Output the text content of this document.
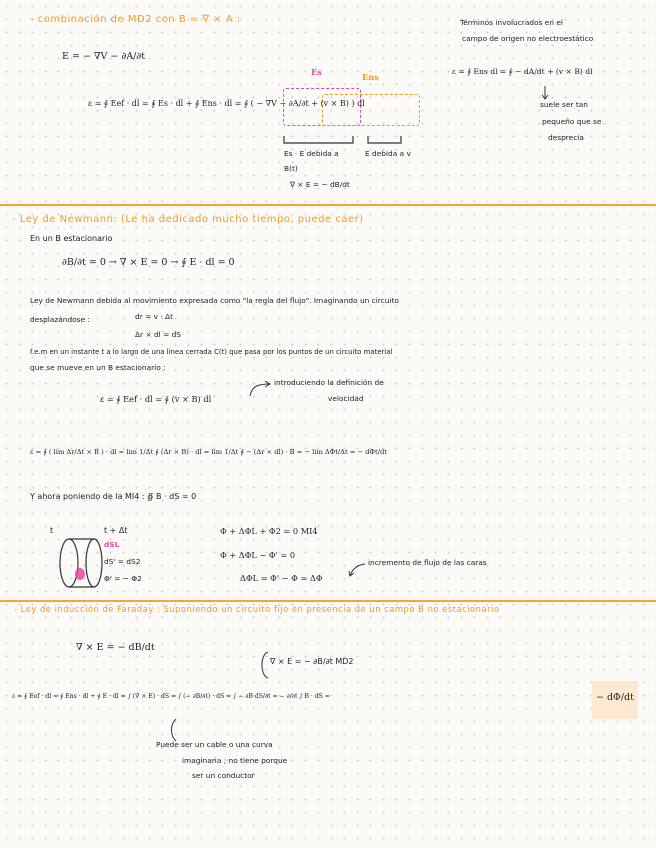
- combinación de MD2 con B = ∇ × A :
E = − ∇V − ∂A/∂t
Es	Ens
ε = ∮ Eef · dl = ∮ Es · dl + ∮ Ens · dl = ∮ ( − ∇V − ∂A/∂t + (v × B) ) dl
Es · E debida a
B(t)
∇ × E = − dB/dt
E debida a v
Términos involucrados en el
campo de origen no electroestático
ε = ∮ Ens dl = ∮ − dA/dt + (v × B) dl
suele ser tan
pequeño que se
desprecia
- Ley de Newmann: (Le ha dedicado mucho tiempo, puede caer)
En un B estacionario
∂B/∂t = 0 → ∇ × E = 0 → ∮ E · dl = 0
Ley de Newmann debida al movimiento expresada como "la regla del flujo". Imaginando un circuito
desplazándose :	dr = v · Δt
Δr × dl = dS
f.e.m en un instante t a lo largo de una línea cerrada C(t) que pasa por los puntos de un circuito material
que se mueve en un B estacionario :
ε = ∮ Eef · dl = ∮ (v × B) dl
introduciendo la definición de
velocidad
ε = ∮ ( lim Δr/Δt × B ) · dl = lim 1/Δt ∮ (Δr × B) · dl = lim 1/Δt ∮ − (Δr × dl) · B = − lim ΔΦt/Δt = − dΦt/dt
Y ahora poniendo de la MI4 : ∯ B · dS = 0
t	t + Δt
dSL
dS' = dS2
Φ' = − Φ2
Φ + ΔΦL + Φ2 = 0 MI4
Φ + ΔΦL − Φ' = 0
ΔΦL = Φ' − Φ = ΔΦ
incremento de flujo de las caras
- Ley de inducción de Faraday : Suponiendo un circuito fijo en presencia de un campo B no estacionario
∇ × E = − dB/dt
∇ × E = − ∂B/∂t MD2
ε = ∮ Eef · dl = ∮ Ens · dl + ∮ E · dl = ∫ (∇ × E) · dS = ∫ (− ∂B/∂t) · dS = ∫ − ∂B dS/∂t = − ∂/∂t ∫ B · dS =	− dΦ/dt
Puede ser un cable o una curva
imaginaria ; no tiene porque
ser un conductor
